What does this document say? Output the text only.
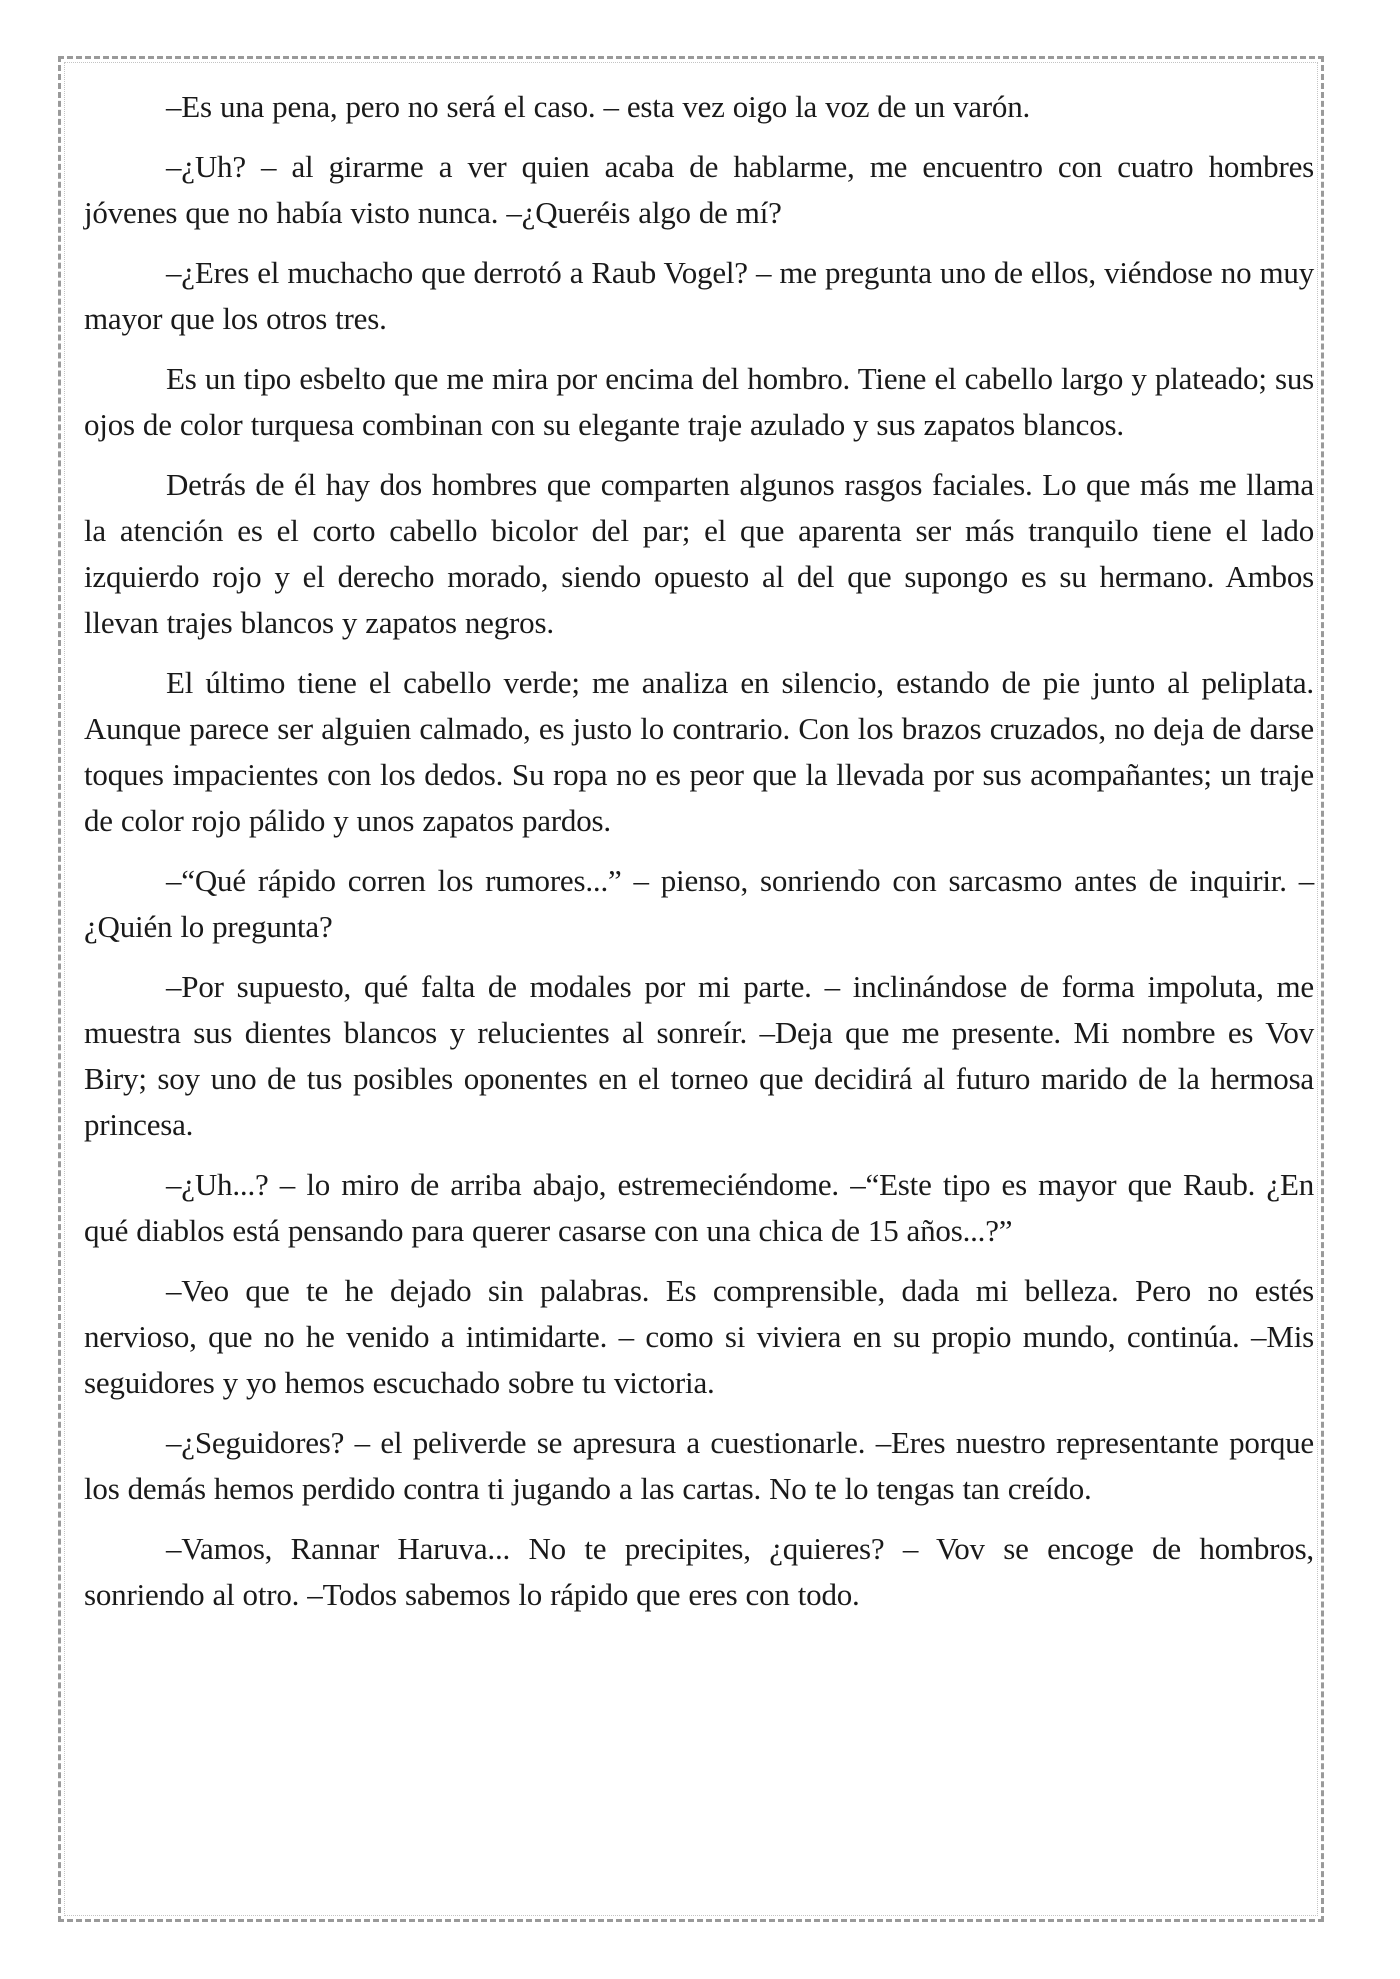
–Es una pena, pero no será el caso. – esta vez oigo la voz de un varón.

–¿Uh? – al girarme a ver quien acaba de hablarme, me encuentro con cuatro hombres jóvenes que no había visto nunca. –¿Queréis algo de mí?

–¿Eres el muchacho que derrotó a Raub Vogel? – me pregunta uno de ellos, viéndose no muy mayor que los otros tres.

Es un tipo esbelto que me mira por encima del hombro. Tiene el cabello largo y plateado; sus ojos de color turquesa combinan con su elegante traje azulado y sus zapatos blancos.

Detrás de él hay dos hombres que comparten algunos rasgos faciales. Lo que más me llama la atención es el corto cabello bicolor del par; el que aparenta ser más tranquilo tiene el lado izquierdo rojo y el derecho morado, siendo opuesto al del que supongo es su hermano. Ambos llevan trajes blancos y zapatos negros.

El último tiene el cabello verde; me analiza en silencio, estando de pie junto al peliplata. Aunque parece ser alguien calmado, es justo lo contrario. Con los brazos cruzados, no deja de darse toques impacientes con los dedos. Su ropa no es peor que la llevada por sus acompañantes; un traje de color rojo pálido y unos zapatos pardos.

–“Qué rápido corren los rumores...” – pienso, sonriendo con sarcasmo antes de inquirir. –¿Quién lo pregunta?

–Por supuesto, qué falta de modales por mi parte. – inclinándose de forma impoluta, me muestra sus dientes blancos y relucientes al sonreír. –Deja que me presente. Mi nombre es Vov Biry; soy uno de tus posibles oponentes en el torneo que decidirá al futuro marido de la hermosa princesa.

–¿Uh...? – lo miro de arriba abajo, estremeciéndome. –“Este tipo es mayor que Raub. ¿En qué diablos está pensando para querer casarse con una chica de 15 años...?”

–Veo que te he dejado sin palabras. Es comprensible, dada mi belleza. Pero no estés nervioso, que no he venido a intimidarte. – como si viviera en su propio mundo, continúa. –Mis seguidores y yo hemos escuchado sobre tu victoria.

–¿Seguidores? – el peliverde se apresura a cuestionarle. –Eres nuestro representante porque los demás hemos perdido contra ti jugando a las cartas. No te lo tengas tan creído.

–Vamos, Rannar Haruva... No te precipites, ¿quieres? – Vov se encoge de hombros, sonriendo al otro. –Todos sabemos lo rápido que eres con todo.
